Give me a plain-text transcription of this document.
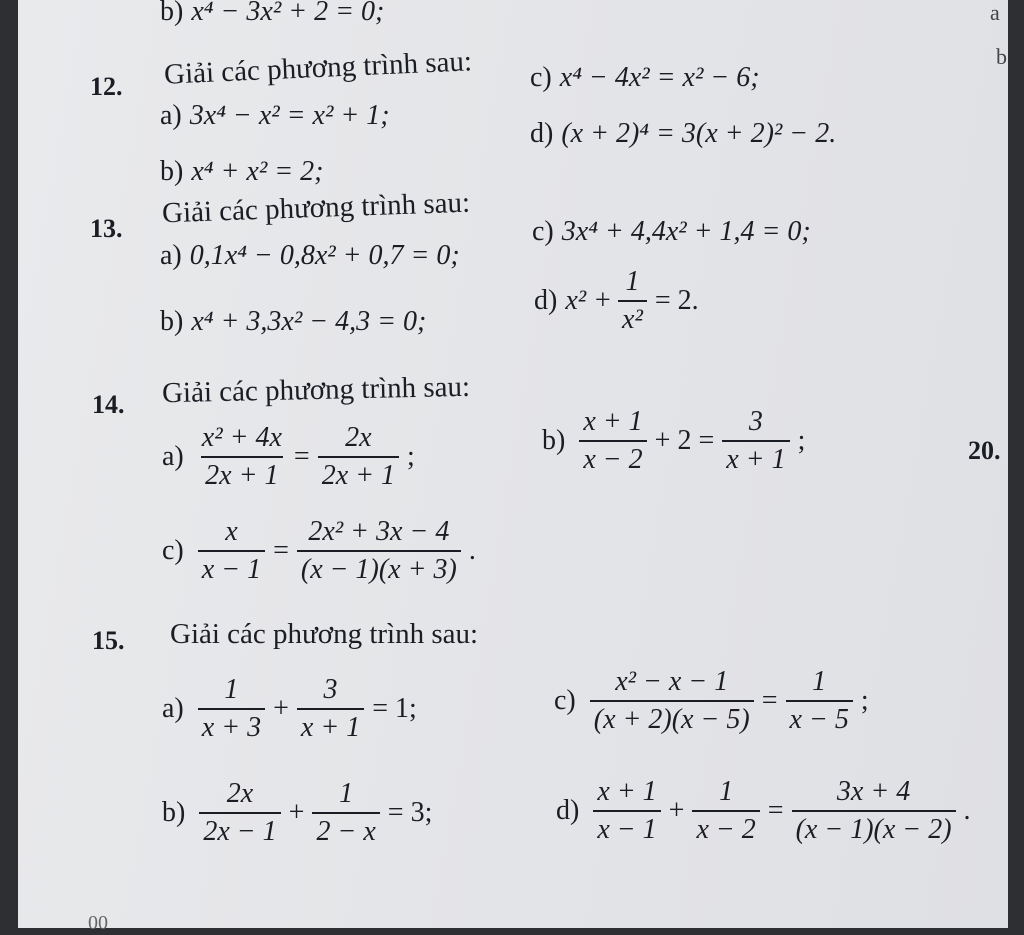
a
b
20.
b) x⁴ − 3x² + 2 = 0;
12. Giải các phương trình sau:
a) 3x⁴ − x² = x² + 1;
b) x⁴ + x² = 2;
c) x⁴ − 4x² = x² − 6;
d) (x + 2)⁴ = 3(x + 2)² − 2.
13. Giải các phương trình sau:
a) 0,1x⁴ − 0,8x² + 0,7 = 0;
b) x⁴ + 3,3x² − 4,3 = 0;
c) 3x⁴ + 4,4x² + 1,4 = 0;
d) $x^2 + \frac{1}{\text{x²}} = 2$.
14. Giải các phương trình sau:
$a) \frac{\text{x² + 4x}}{2x + 1} = \frac{2x}{2x + 1}$ ;
$b) \frac{x + 1}{x - 2} + 2 = \frac{3}{x + 1}$ ;
$c) \frac{x}{x - 1} = \frac{\text{2x² + 3x − 4}}{(x - 1)(x + 3)}$ .
15. Giải các phương trình sau:
$a) \frac{1}{x + 3} + \frac{3}{x + 1} = 1$;
$b) \frac{2x}{2x - 1} + \frac{1}{2 - x} = 3$;
$c) \frac{\text{x² − x − 1}}{(x + 2)(x - 5)} = \frac{1}{x - 5}$ ;
$d) \frac{x + 1}{x - 1} + \frac{1}{x - 2} = \frac{3x + 4}{(x - 1)(x - 2)}$ .
00
